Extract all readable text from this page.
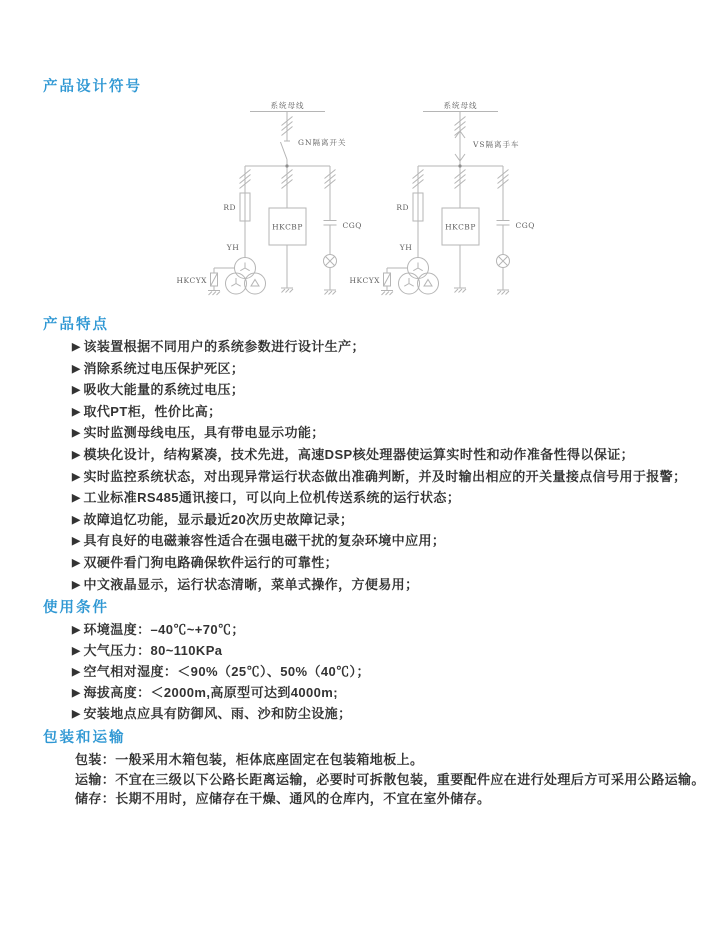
产品设计符号
系统母线
GN隔离开关
RD
HKCBP	CGQ
YH
HKCYX
系统母线
VS隔离手车
RD
HKCBP	CGQ
YH
HKCYX
产品特点
▶ 该装置根据不同用户的系统参数进行设计生产；
▶ 消除系统过电压保护死区；
▶ 吸收大能量的系统过电压；
▶ 取代PT柜，性价比高；
▶ 实时监测母线电压，具有带电显示功能；
▶ 模块化设计，结构紧凑，技术先进，高速DSP核处理器使运算实时性和动作准备性得以保证；
▶ 实时监控系统状态，对出现异常运行状态做出准确判断，并及时输出相应的开关量接点信号用于报警；
▶ 工业标准RS485通讯接口，可以向上位机传送系统的运行状态；
▶ 故障追忆功能，显示最近20次历史故障记录；
▶ 具有良好的电磁兼容性适合在强电磁干扰的复杂环境中应用；
▶ 双硬件看门狗电路确保软件运行的可靠性；
▶ 中文液晶显示，运行状态清晰，菜单式操作，方便易用；
使用条件
▶ 环境温度：–40℃~+70℃；
▶ 大气压力：80~110KPa
▶ 空气相对湿度：＜90%（25℃）、50%（40℃）；
▶ 海拔高度：＜2000m,高原型可达到4000m;
▶ 安装地点应具有防御风、雨、沙和防尘设施；
包装和运输

包装：一般采用木箱包装，柜体底座固定在包装箱地板上。

运输：不宜在三级以下公路长距离运输，必要时可拆散包装，重要配件应在进行处理后方可采用公路运输。

储存：长期不用时，应储存在干燥、通风的仓库内，不宜在室外储存。
